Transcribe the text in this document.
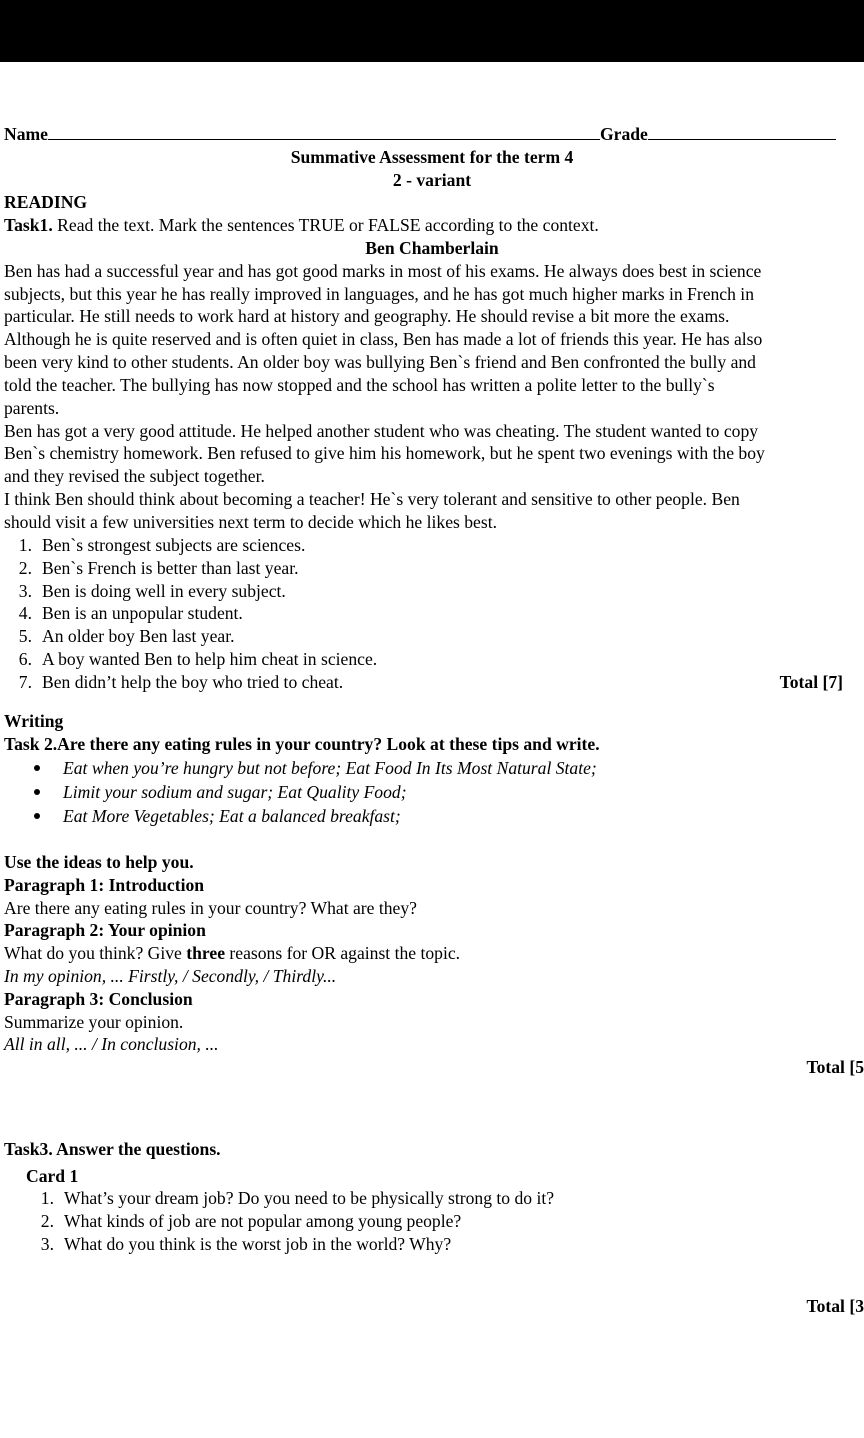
Name	Grade
Summative Assessment for the term 4
2 - variant
READING
Task1. Read the text. Mark the sentences TRUE or FALSE according to the context.
Ben Chamberlain
Ben has had a successful year and has got good marks in most of his exams. He always does best in science
subjects, but this year he has really improved in languages, and he has got much higher marks in French in
particular. He still needs to work hard at history and geography. He should revise a bit more the exams.
Although he is quite reserved and is often quiet in class, Ben has made a lot of friends this year. He has also
been very kind to other students. An older boy was bullying Ben`s friend and Ben confronted the bully and
told the teacher. The bullying has now stopped and the school has written a polite letter to the bully`s
parents.
Ben has got a very good attitude. He helped another student who was cheating. The student wanted to copy
Ben`s chemistry homework. Ben refused to give him his homework, but he spent two evenings with the boy
and they revised the subject together.
I think Ben should think about becoming a teacher! He`s very tolerant and sensitive to other people. Ben
should visit a few universities next term to decide which he likes best.
1. Ben`s strongest subjects are sciences.
2. Ben`s French is better than last year.
3. Ben is doing well in every subject.
4. Ben is an unpopular student.
5. An older boy Ben last year.
6. A boy wanted Ben to help him cheat in science.
7. Ben didn’t help the boy who tried to cheat.	Total [7]
Writing
Task 2.Are there any eating rules in your country? Look at these tips and write.
Eat when you’re hungry but not before; Eat Food In Its Most Natural State;
Limit your sodium and sugar; Eat Quality Food;
Eat More Vegetables; Eat a balanced breakfast;
Use the ideas to help you.
Paragraph 1: Introduction
Are there any eating rules in your country? What are they?
Paragraph 2: Your opinion
What do you think? Give three reasons for OR against the topic.
In my opinion, ... Firstly, / Secondly, / Thirdly...
Paragraph 3: Conclusion
Summarize your opinion.
All in all, ... / In conclusion, ...
Total [5
Task3. Answer the questions.
Card 1
1. What’s your dream job? Do you need to be physically strong to do it?
2. What kinds of job are not popular among young people?
3. What do you think is the worst job in the world? Why?
Total [3
